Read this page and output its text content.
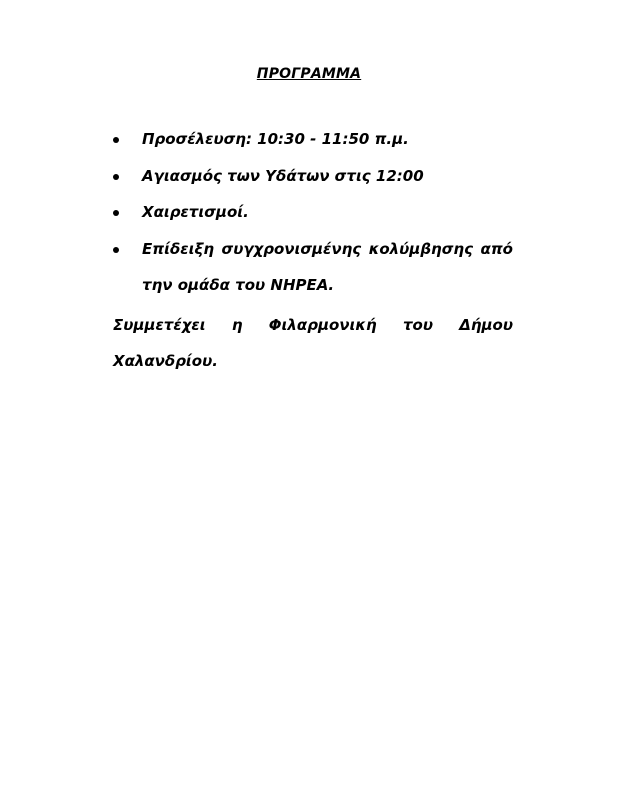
ΠΡΟΓΡΑΜΜΑ
Προσέλευση: 10:30 - 11:50 π.μ.
Αγιασμός των Υδάτων στις 12:00
Χαιρετισμοί.
Επίδειξη συγχρονισμένης κολύμβησης από
την ομάδα του ΝΗΡΕΑ.
Συμμετέχει η Φιλαρμονική του Δήμου
Χαλανδρίου.
